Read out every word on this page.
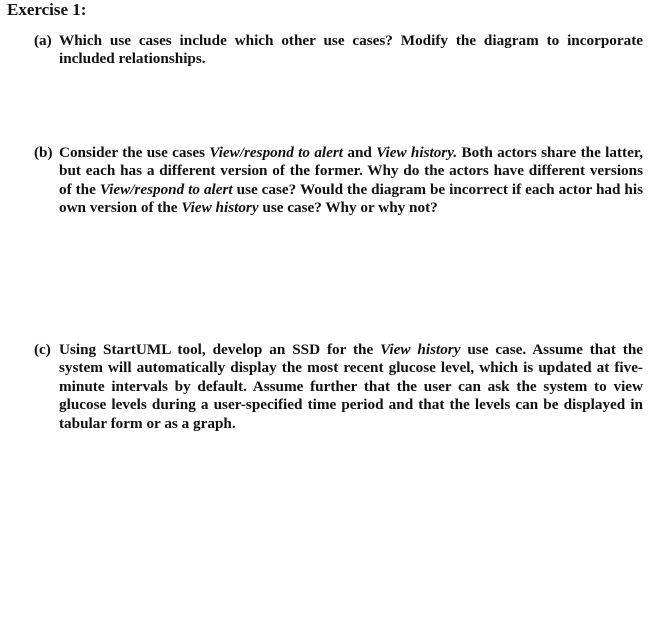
Exercise 1:
(a) Which use cases include which other use cases? Modify the diagram to incorporate included relationships.
(b) Consider the use cases View/respond to alert and View history. Both actors share the latter, but each has a different version of the former. Why do the actors have different versions of the View/respond to alert use case? Would the diagram be incorrect if each actor had his own version of the View history use case? Why or why not?
(c) Using StartUML tool, develop an SSD for the View history use case. Assume that the system will automatically display the most recent glucose level, which is updated at five-minute intervals by default. Assume further that the user can ask the system to view glucose levels during a user-specified time period and that the levels can be displayed in tabular form or as a graph.
